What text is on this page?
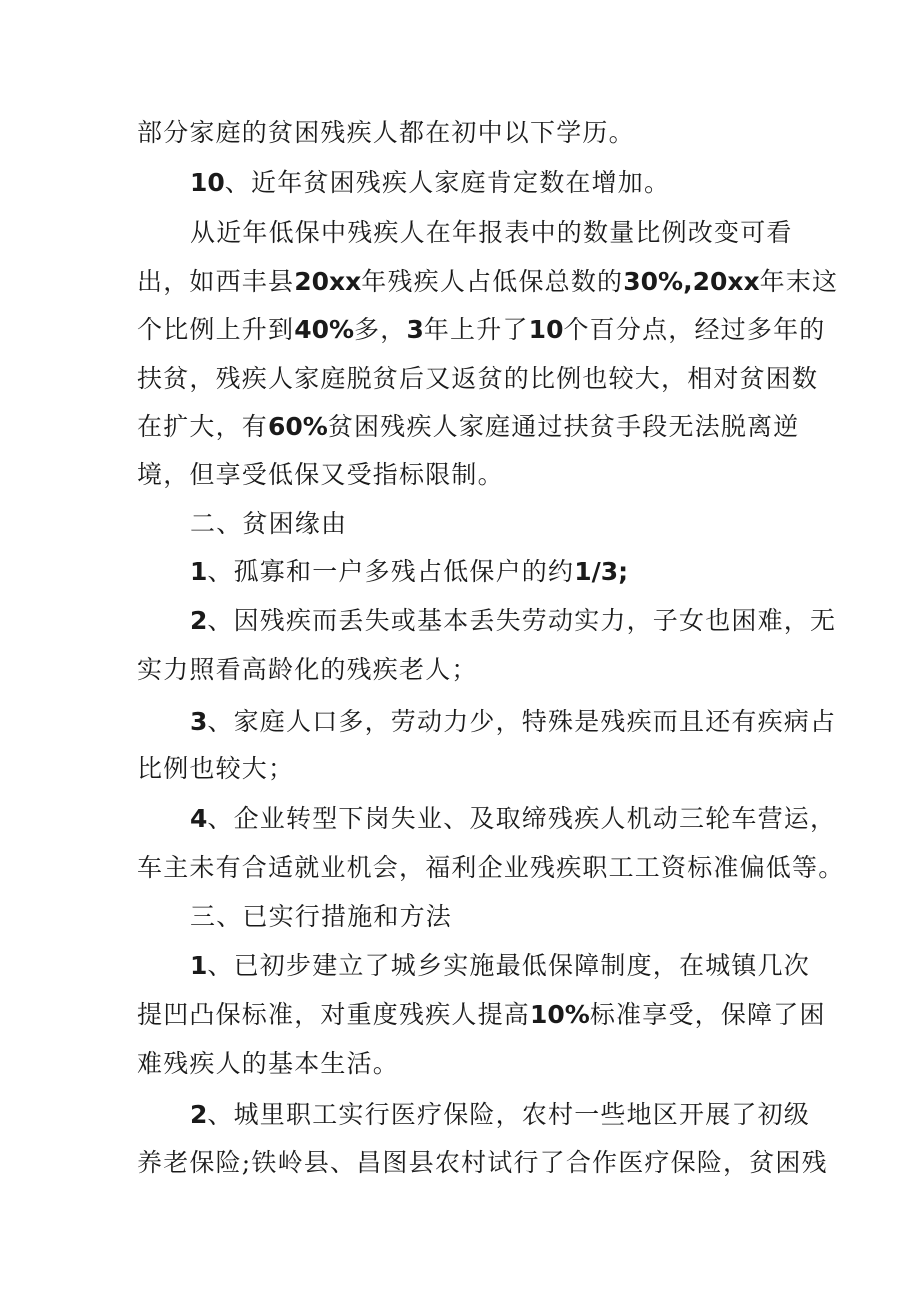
部分家庭的贫困残疾人都在初中以下学历。
10、近年贫困残疾人家庭肯定数在增加。
从近年低保中残疾人在年报表中的数量比例改变可看
出，如西丰县20xx年残疾人占低保总数的30%,20xx年末这
个比例上升到40%多，3年上升了10个百分点，经过多年的
扶贫，残疾人家庭脱贫后又返贫的比例也较大，相对贫困数
在扩大，有60%贫困残疾人家庭通过扶贫手段无法脱离逆
境，但享受低保又受指标限制。
二、贫困缘由
1、孤寡和一户多残占低保户的约1/3;
2、因残疾而丢失或基本丢失劳动实力，子女也困难，无
实力照看高龄化的残疾老人；
3、家庭人口多，劳动力少，特殊是残疾而且还有疾病占
比例也较大；
4、企业转型下岗失业、及取缔残疾人机动三轮车营运，
车主未有合适就业机会，福利企业残疾职工工资标准偏低等。
三、已实行措施和方法
1、已初步建立了城乡实施最低保障制度，在城镇几次
提凹凸保标准，对重度残疾人提高10%标准享受，保障了困
难残疾人的基本生活。
2、城里职工实行医疗保险，农村一些地区开展了初级
养老保险;铁岭县、昌图县农村试行了合作医疗保险，贫困残
